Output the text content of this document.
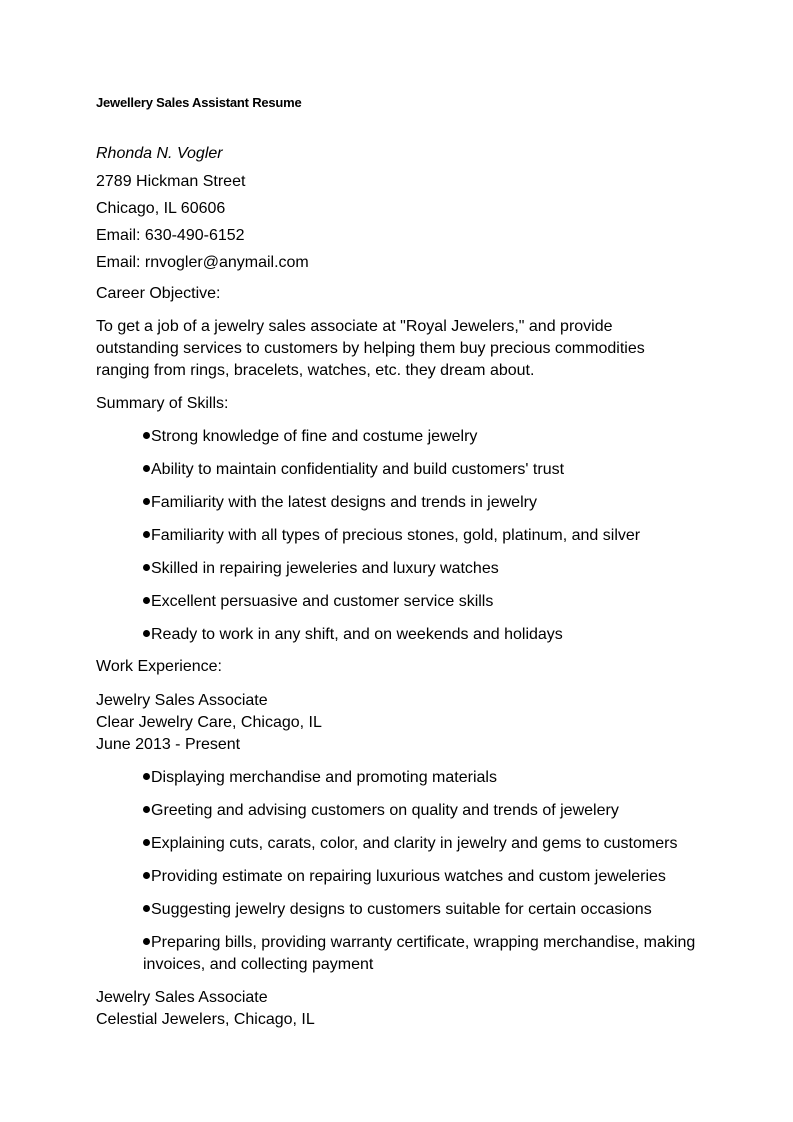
Jewellery Sales Assistant Resume
Rhonda N. Vogler
2789 Hickman Street
Chicago, IL 60606
Email: 630-490-6152
Email: rnvogler@anymail.com
Career Objective:
To get a job of a jewelry sales associate at "Royal Jewelers," and provide
outstanding services to customers by helping them buy precious commodities
ranging from rings, bracelets, watches, etc. they dream about.
Summary of Skills:
Strong knowledge of fine and costume jewelry
Ability to maintain confidentiality and build customers' trust
Familiarity with the latest designs and trends in jewelry
Familiarity with all types of precious stones, gold, platinum, and silver
Skilled in repairing jeweleries and luxury watches
Excellent persuasive and customer service skills
Ready to work in any shift, and on weekends and holidays
Work Experience:
Jewelry Sales Associate
Clear Jewelry Care, Chicago, IL
June 2013 - Present
Displaying merchandise and promoting materials
Greeting and advising customers on quality and trends of jewelery
Explaining cuts, carats, color, and clarity in jewelry and gems to customers
Providing estimate on repairing luxurious watches and custom jeweleries
Suggesting jewelry designs to customers suitable for certain occasions
Preparing bills, providing warranty certificate, wrapping merchandise, making
invoices, and collecting payment
Jewelry Sales Associate
Celestial Jewelers, Chicago, IL
